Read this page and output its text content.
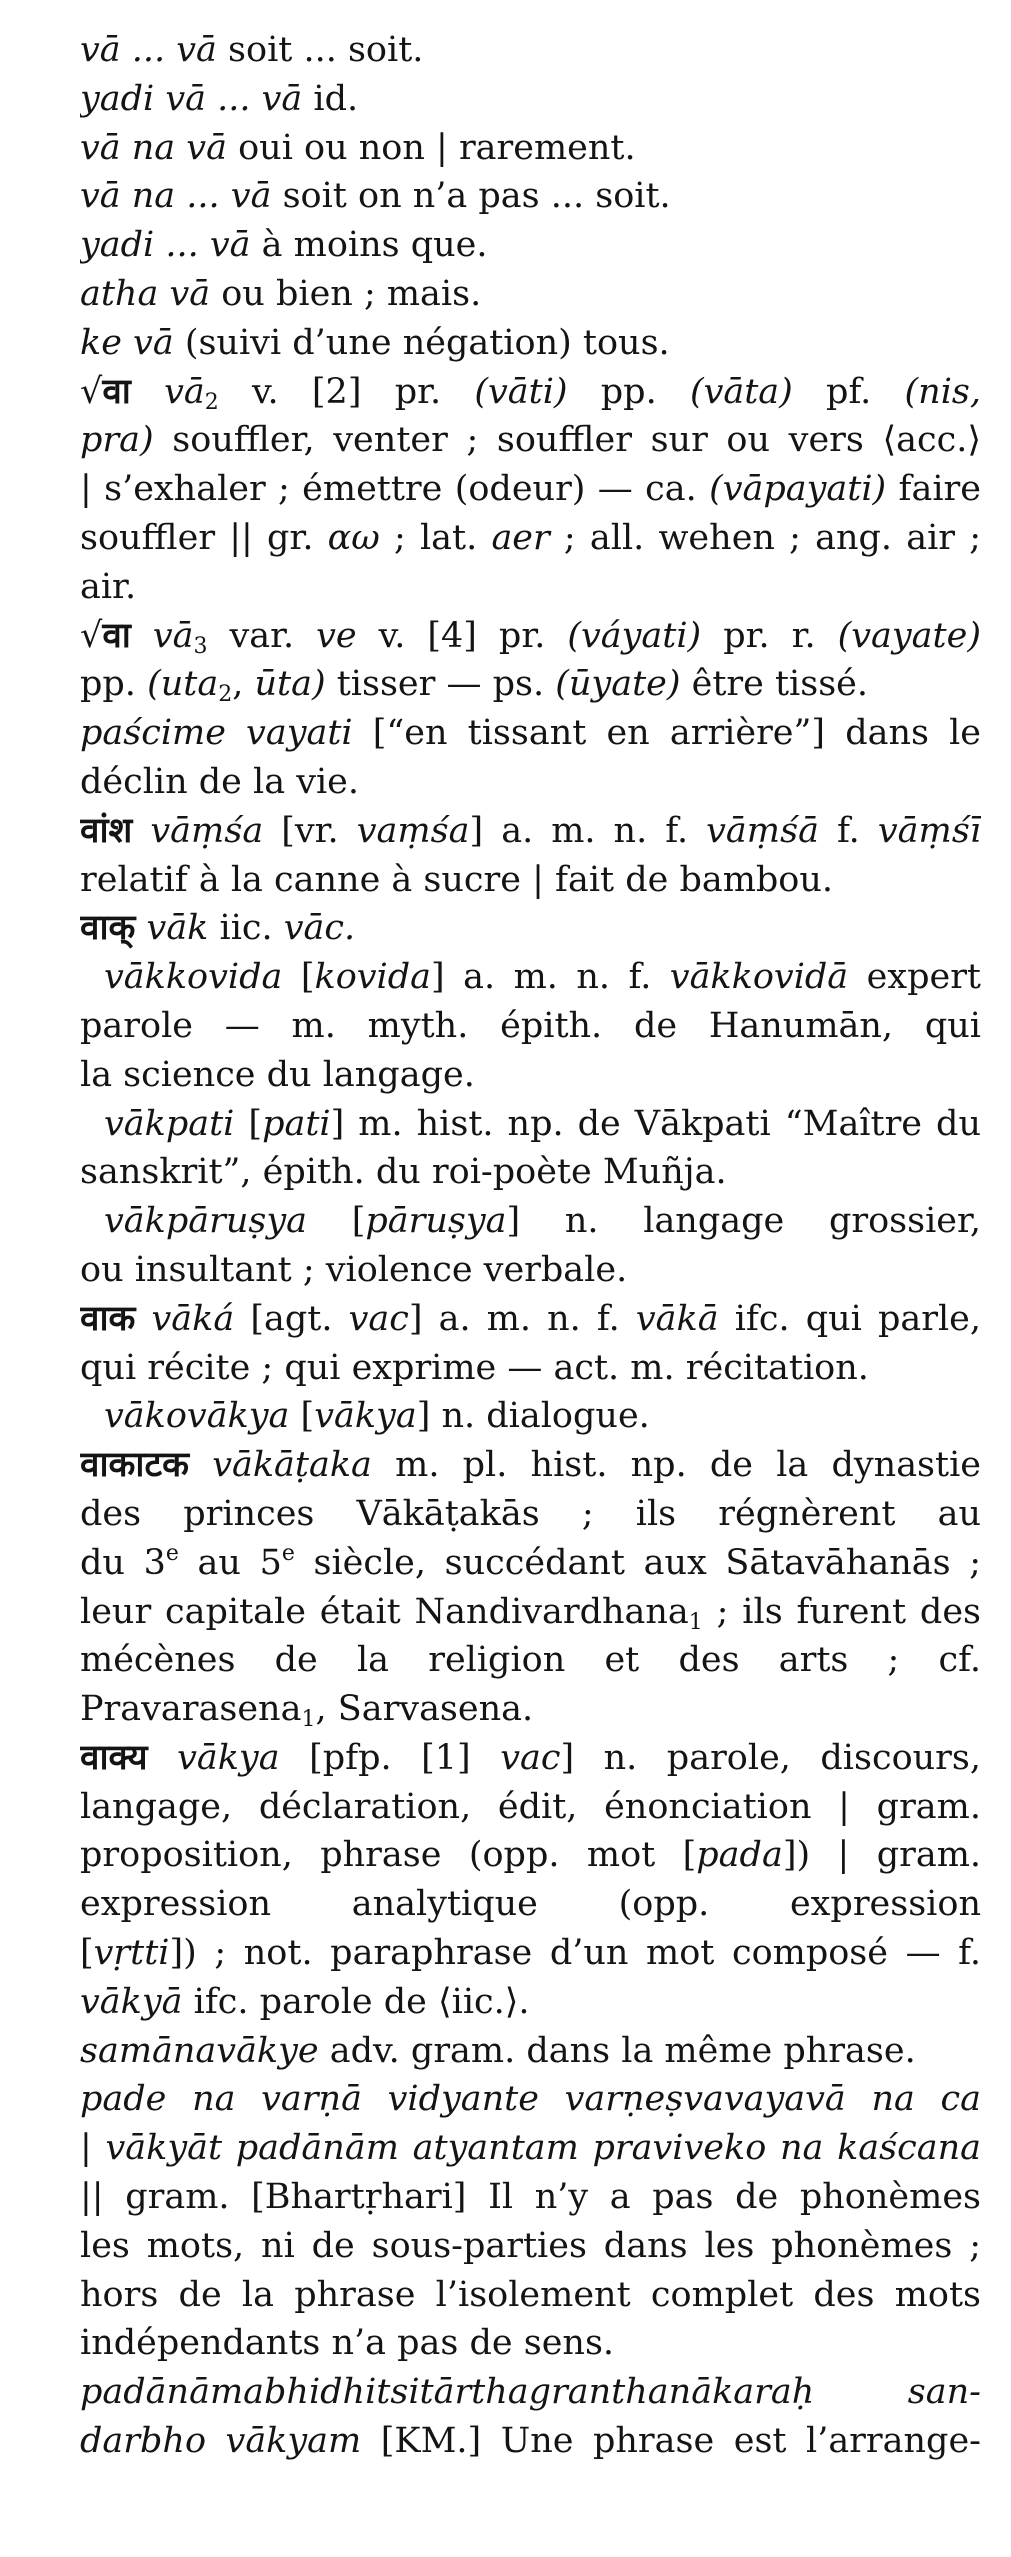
vā ... vā soit ... soit.
yadi vā ... vā id.
vā na vā oui ou non | rarement.
vā na ... vā soit on n’a pas ... soit.
yadi ... vā à moins que.
atha vā ou bien ; mais.
ke vā (suivi d’une négation) tous.
√वा $vā_2$ v. [2] pr. (vāti) pp. (vāta) pf. (nis,
pra) souffler, venter ; souffler sur ou vers ⟨acc.⟩
| s’exhaler ; émettre (odeur) — ca. (vāpayati) faire
souffler || gr. αω ; lat. aer ; all. wehen ; ang. air ;
air.
√वा $vā_3$ var. ve v. [4] pr. (váyati) pr. r. (vayate)
pp. (uta$_2$, ūta) tisser — ps. (ūyate) être tissé.
paścime vayati [“en tissant en arrière”] dans le
déclin de la vie.
वांश vāṃśa [vr. vaṃśa] a. m. n. f. vāṃśā f. vāṃśī
relatif à la canne à sucre | fait de bambou.
वाक् vāk iic. vāc.
vākkovida [kovida] a. m. n. f. vākkovidā expert
parole — m. myth. épith. de Hanumān, qui
la science du langage.
vākpati [pati] m. hist. np. de Vākpati “Maître du
sanskrit”, épith. du roi-poète Muñja.
vākpāruṣya [pāruṣya] n. langage grossier,
ou insultant ; violence verbale.
वाक vāká [agt. vac] a. m. n. f. vākā ifc. qui parle,
qui récite ; qui exprime — act. m. récitation.
vākovākya [vākya] n. dialogue.
वाकाटक vākāṭaka m. pl. hist. np. de la dynastie
des princes Vākāṭakās ; ils régnèrent au
du 3e au 5e siècle, succédant aux Sātavāhanās ;
leur capitale était Nandivardhana$_1$ ; ils furent des
mécènes de la religion et des arts ; cf.
Pravarasena$_1$, Sarvasena.
वाक्य vākya [pfp. [1] vac] n. parole, discours,
langage, déclaration, édit, énonciation | gram.
proposition, phrase (opp. mot [pada]) | gram.
expression analytique (opp. expression
[vṛtti]) ; not. paraphrase d’un mot composé — f.
vākyā ifc. parole de ⟨iic.⟩.
samānavākye adv. gram. dans la même phrase.
pade na varṇā vidyante varṇeṣvavayavā na ca
| vākyāt padānām atyantam praviveko na kaścana
|| gram. [Bhartṛhari] Il n’y a pas de phonèmes
les mots, ni de sous-parties dans les phonèmes ;
hors de la phrase l’isolement complet des mots
indépendants n’a pas de sens.
padānāmabhidhitsitārthagranthanākaraḥ san-
darbho vākyam [KM.] Une phrase est l’arrange-
